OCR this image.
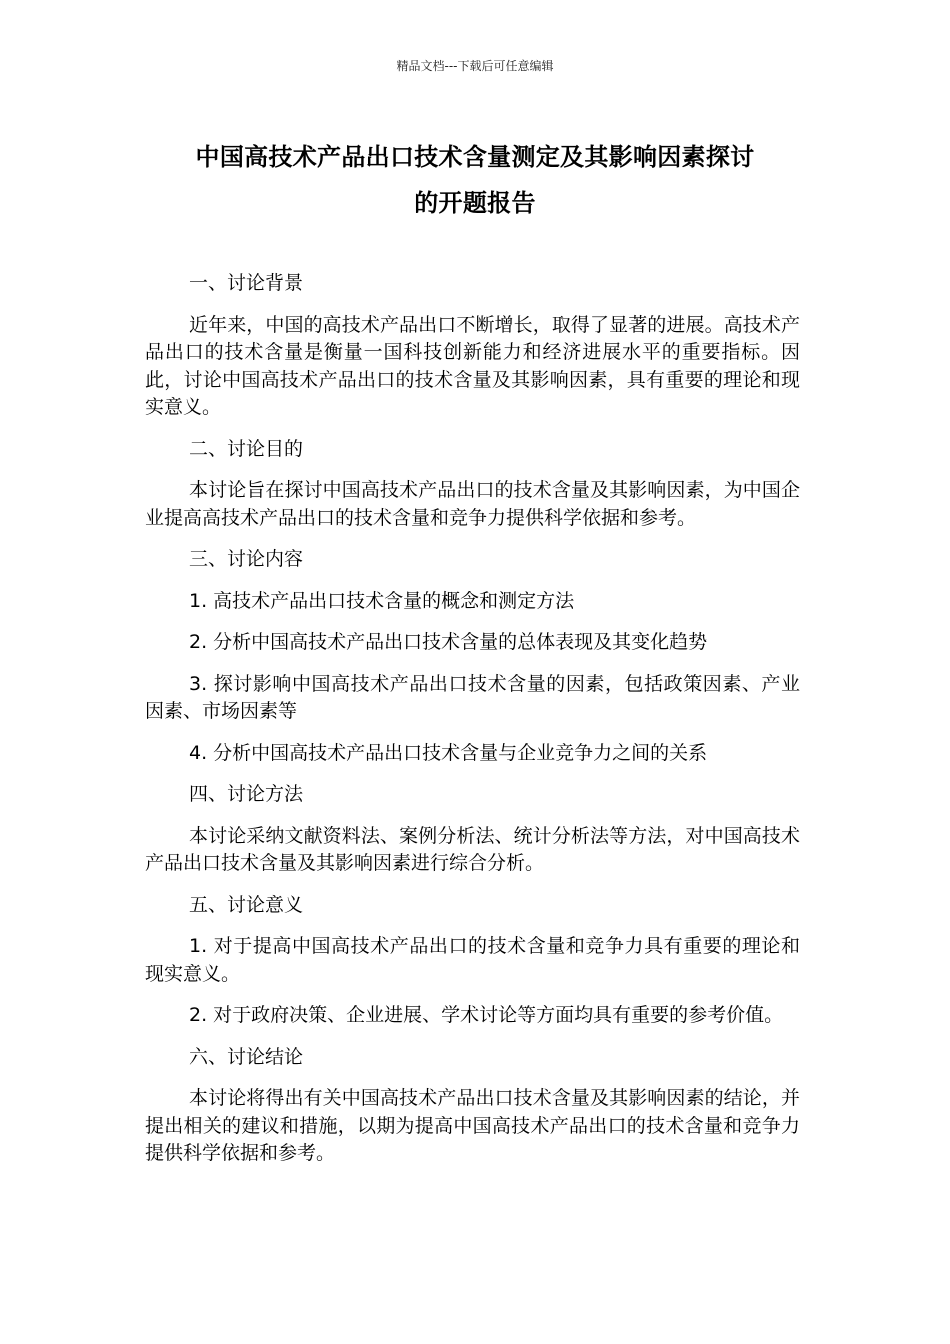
精品文档---下载后可任意编辑
中国高技术产品出口技术含量测定及其影响因素探讨
的开题报告

一、讨论背景

近年来，中国的高技术产品出口不断增长，取得了显著的进展。高技术产品出口的技术含量是衡量一国科技创新能力和经济进展水平的重要指标。因此，讨论中国高技术产品出口的技术含量及其影响因素，具有重要的理论和现实意义。

二、讨论目的

本讨论旨在探讨中国高技术产品出口的技术含量及其影响因素，为中国企业提高高技术产品出口的技术含量和竞争力提供科学依据和参考。

三、讨论内容

1. 高技术产品出口技术含量的概念和测定方法

2. 分析中国高技术产品出口技术含量的总体表现及其变化趋势

3. 探讨影响中国高技术产品出口技术含量的因素，包括政策因素、产业因素、市场因素等

4. 分析中国高技术产品出口技术含量与企业竞争力之间的关系

四、讨论方法

本讨论采纳文献资料法、案例分析法、统计分析法等方法，对中国高技术产品出口技术含量及其影响因素进行综合分析。

五、讨论意义

1. 对于提高中国高技术产品出口的技术含量和竞争力具有重要的理论和现实意义。

2. 对于政府决策、企业进展、学术讨论等方面均具有重要的参考价值。

六、讨论结论

本讨论将得出有关中国高技术产品出口技术含量及其影响因素的结论，并提出相关的建议和措施，以期为提高中国高技术产品出口的技术含量和竞争力提供科学依据和参考。
